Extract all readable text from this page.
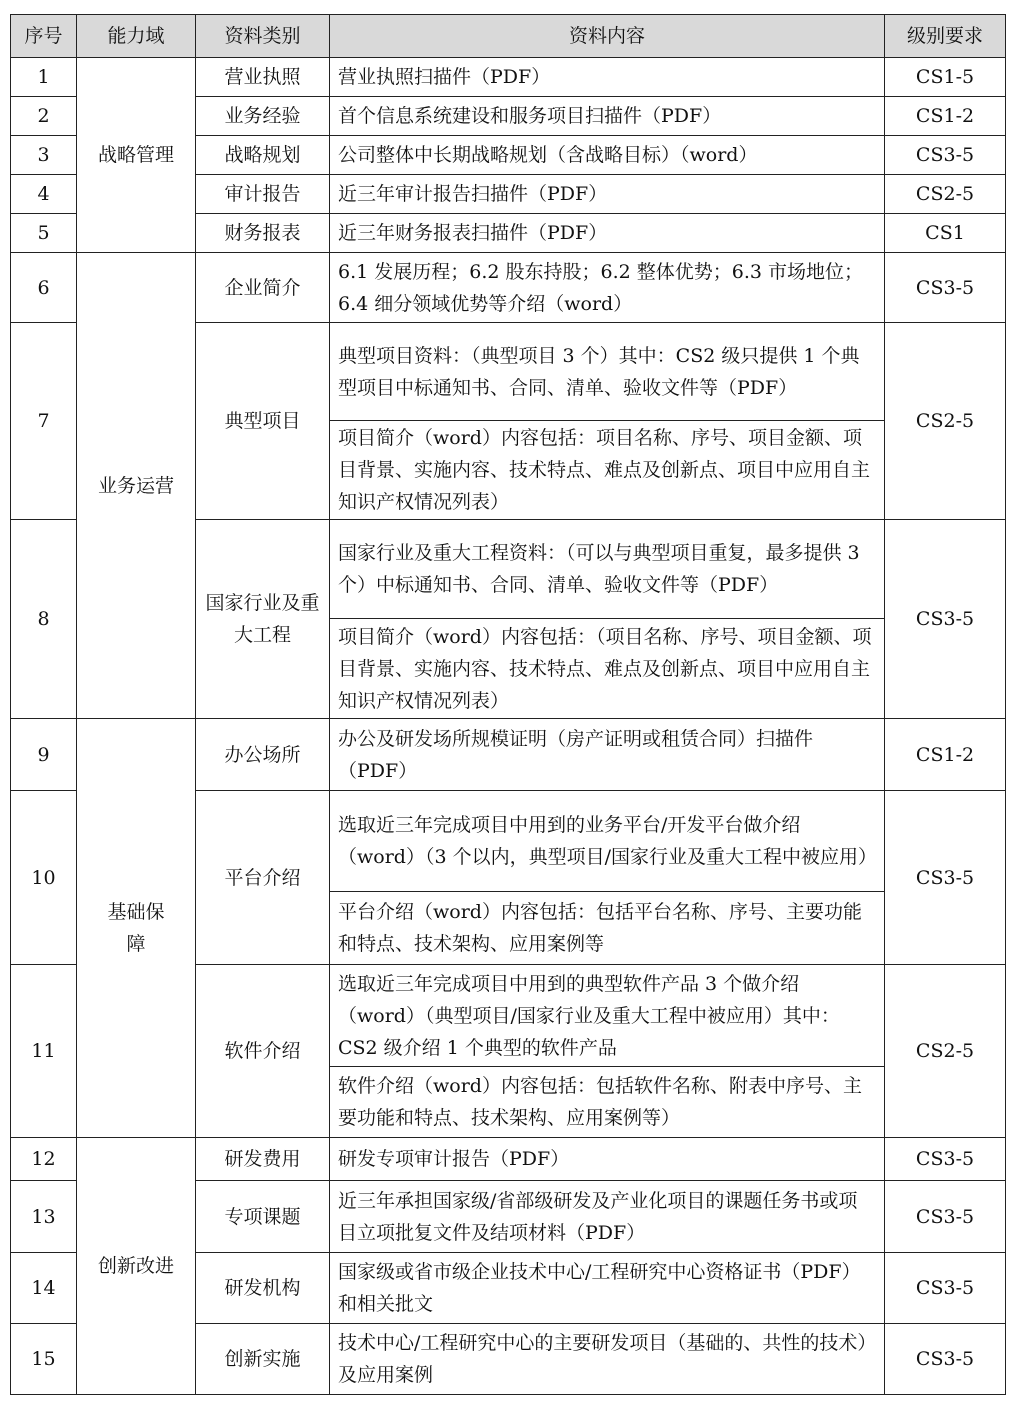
序号	能力域	资料类别	资料内容	级别要求
1	战略管理	营业执照	营业执照扫描件（PDF）	CS1-5
2		业务经验	首个信息系统建设和服务项目扫描件（PDF）	CS1-2
3		战略规划	公司整体中长期战略规划（含战略目标）（word）	CS3-5
4		审计报告	近三年审计报告扫描件（PDF）	CS2-5
5		财务报表	近三年财务报表扫描件（PDF）	CS1
6	业务运营	企业简介	6.1 发展历程；6.2 股东持股；6.2 整体优势；6.3 市场地位；6.4 细分领域优势等介绍（word）	CS3-5
7		典型项目	典型项目资料：（典型项目 3 个）其中：CS2 级只提供 1 个典型项目中标通知书、合同、清单、验收文件等（PDF）	CS2-5
			项目简介（word）内容包括：项目名称、序号、项目金额、项目背景、实施内容、技术特点、难点及创新点、项目中应用自主知识产权情况列表）	
8		国家行业及重大工程	国家行业及重大工程资料：（可以与典型项目重复，最多提供 3 个）中标通知书、合同、清单、验收文件等（PDF）	CS3-5
			项目简介（word）内容包括：（项目名称、序号、项目金额、项目背景、实施内容、技术特点、难点及创新点、项目中应用自主知识产权情况列表）	
9	基础保障	办公场所	办公及研发场所规模证明（房产证明或租赁合同）扫描件（PDF）	CS1-2
10		平台介绍	选取近三年完成项目中用到的业务平台/开发平台做介绍（word）（3 个以内，典型项目/国家行业及重大工程中被应用）	CS3-5
			平台介绍（word）内容包括：包括平台名称、序号、主要功能和特点、技术架构、应用案例等	
11		软件介绍	选取近三年完成项目中用到的典型软件产品 3 个做介绍（word）（典型项目/国家行业及重大工程中被应用）其中：CS2 级介绍 1 个典型的软件产品	CS2-5
			软件介绍（word）内容包括：包括软件名称、附表中序号、主要功能和特点、技术架构、应用案例等）	
12	创新改进	研发费用	研发专项审计报告（PDF）	CS3-5
13		专项课题	近三年承担国家级/省部级研发及产业化项目的课题任务书或项目立项批复文件及结项材料（PDF）	CS3-5
14		研发机构	国家级或省市级企业技术中心/工程研究中心资格证书（PDF）和相关批文	CS3-5
15		创新实施	技术中心/工程研究中心的主要研发项目（基础的、共性的技术）及应用案例	CS3-5
